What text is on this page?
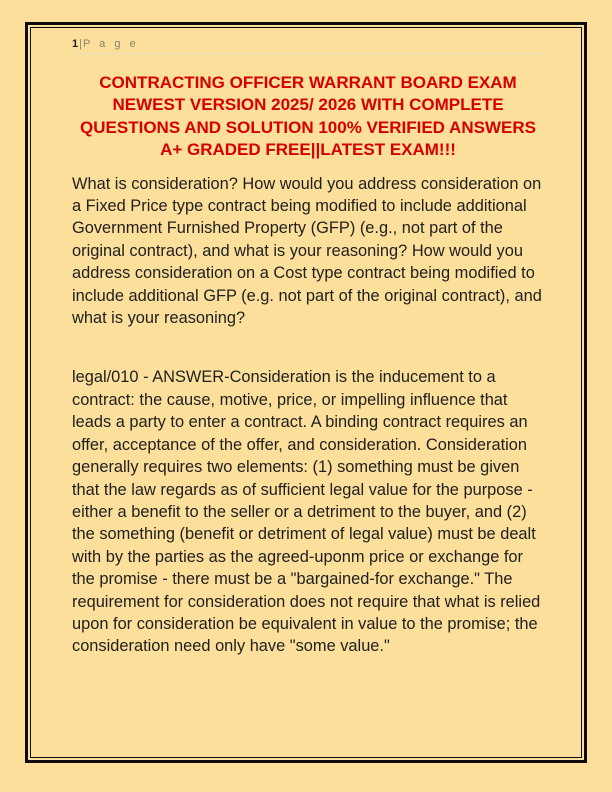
1|P a g e
CONTRACTING OFFICER WARRANT BOARD EXAM NEWEST VERSION 2025/ 2026 WITH COMPLETE QUESTIONS AND SOLUTION 100% VERIFIED ANSWERS A+ GRADED FREE||LATEST EXAM!!!

What is consideration? How would you address consideration on a Fixed Price type contract being modified to include additional Government Furnished Property (GFP) (e.g., not part of the original contract), and what is your reasoning? How would you address consideration on a Cost type contract being modified to include additional GFP (e.g. not part of the original contract), and what is your reasoning?

legal/010 - ANSWER-Consideration is the inducement to a contract: the cause, motive, price, or impelling influence that leads a party to enter a contract. A binding contract requires an offer, acceptance of the offer, and consideration. Consideration generally requires two elements: (1) something must be given that the law regards as of sufficient legal value for the purpose - either a benefit to the seller or a detriment to the buyer, and (2) the something (benefit or detriment of legal value) must be dealt with by the parties as the agreed-uponm price or exchange for the promise - there must be a "bargained-for exchange." The requirement for consideration does not require that what is relied upon for consideration be equivalent in value to the promise; the consideration need only have "some value."
